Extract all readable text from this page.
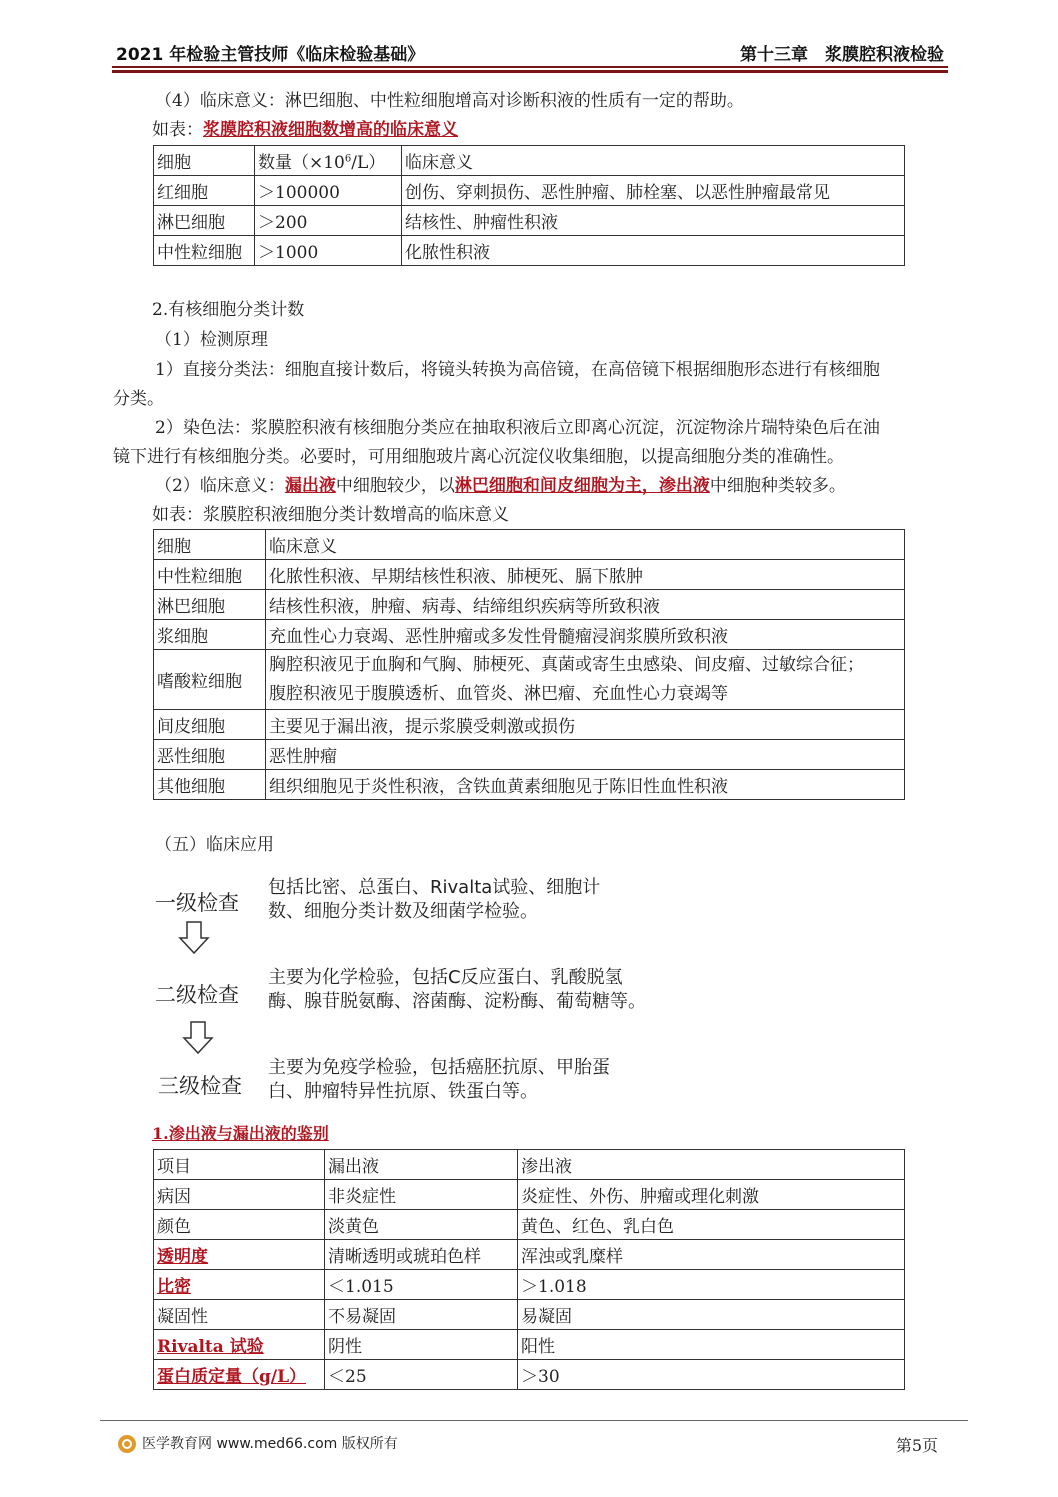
2021 年检验主管技师《临床检验基础》	第十三章　浆膜腔积液检验
（4）临床意义：淋巴细胞、中性粒细胞增高对诊断积液的性质有一定的帮助。
如表：浆膜腔积液细胞数增高的临床意义
细胞	数量$(\times 10^6/L)$	临床意义
红细胞	＞100000	创伤、穿刺损伤、恶性肿瘤、肺栓塞、以恶性肿瘤最常见
淋巴细胞	＞200	结核性、肿瘤性积液
中性粒细胞	＞1000	化脓性积液
2.有核细胞分类计数
（1）检测原理
1）直接分类法：细胞直接计数后，将镜头转换为高倍镜，在高倍镜下根据细胞形态进行有核细胞
分类。
2）染色法：浆膜腔积液有核细胞分类应在抽取积液后立即离心沉淀，沉淀物涂片瑞特染色后在油
镜下进行有核细胞分类。必要时，可用细胞玻片离心沉淀仪收集细胞，以提高细胞分类的准确性。
（2）临床意义：漏出液中细胞较少，以淋巴细胞和间皮细胞为主，渗出液中细胞种类较多。
如表：浆膜腔积液细胞分类计数增高的临床意义
细胞	临床意义
中性粒细胞	化脓性积液、早期结核性积液、肺梗死、膈下脓肿
淋巴细胞	结核性积液，肿瘤、病毒、结缔组织疾病等所致积液
浆细胞	充血性心力衰竭、恶性肿瘤或多发性骨髓瘤浸润浆膜所致积液
嗜酸粒细胞	胸腔积液见于血胸和气胸、肺梗死、真菌或寄生虫感染、间皮瘤、过敏综合征；
腹腔积液见于腹膜透析、血管炎、淋巴瘤、充血性心力衰竭等

间皮细胞	主要见于漏出液，提示浆膜受刺激或损伤
恶性细胞	恶性肿瘤
其他细胞	组织细胞见于炎性积液，含铁血黄素细胞见于陈旧性血性积液
（五）临床应用
一级检查
包括比密、总蛋白、Rivalta试验、细胞计
数、细胞分类计数及细菌学检验。
二级检查
主要为化学检验，包括C反应蛋白、乳酸脱氢
酶、腺苷脱氨酶、溶菌酶、淀粉酶、葡萄糖等。
三级检查
主要为免疫学检验，包括癌胚抗原、甲胎蛋
白、肿瘤特异性抗原、铁蛋白等。
1.渗出液与漏出液的鉴别
项目	漏出液	渗出液
病因	非炎症性	炎症性、外伤、肿瘤或理化刺激
颜色	淡黄色	黄色、红色、乳白色
透明度	清晰透明或琥珀色样	浑浊或乳糜样
比密	＜1.015	＞1.018
凝固性	不易凝固	易凝固
Rivalta 试验	阴性	阳性
蛋白质定量（g/L）	＜25	＞30
医学教育网 www.med66.com 版权所有	第5页
